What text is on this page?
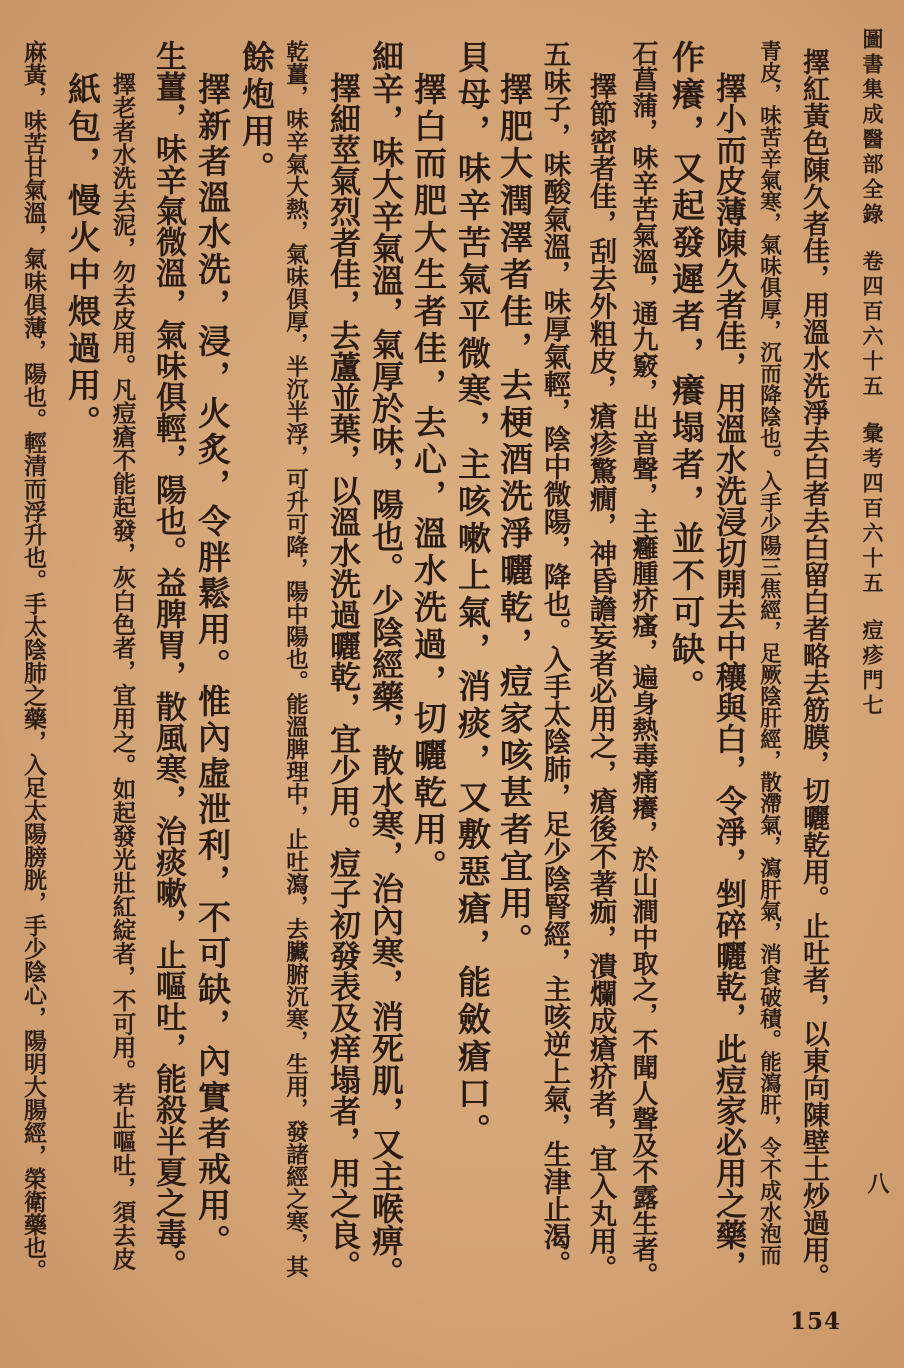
圖書集成醫部全錄卷四百六十五彙考四百六十五痘疹門七
八
擇紅黃色陳久者佳，用溫水洗淨去白者去白留白者略去筋膜，切曬乾用。止吐者，以東向陳壁土炒過用。
青皮，味苦辛氣寒，氣味俱厚，沉而降陰也。入手少陽三焦經，足厥陰肝經，散滯氣，瀉肝氣，消食破積。能瀉肝，令不成水泡而
擇小而皮薄陳久者佳，用溫水洗浸切開去中穰與白，令淨，剉碎曬乾，此痘家必用之藥，
作癢，又起發遲者，癢塌者，並不可缺。
石菖蒲，味辛苦氣溫，通九竅，出音聲，主癰腫疥瘙，遍身熱毒痛癢，於山澗中取之，不聞人聲及不露生者。
擇節密者佳，刮去外粗皮，瘡疹驚癇，神昏譫妄者必用之，瘡後不著痂，潰爛成瘡疥者，宜入丸用。
五味子，味酸氣溫，味厚氣輕，陰中微陽，降也。入手太陰肺，足少陰腎經，主咳逆上氣，生津止渴。
擇肥大潤澤者佳，去梗酒洗淨曬乾，痘家咳甚者宜用。
貝母，味辛苦氣平微寒，主咳嗽上氣，消痰，又敷惡瘡，能斂瘡口。
擇白而肥大生者佳，去心，溫水洗過，切曬乾用。
細辛，味大辛氣溫，氣厚於味，陽也。少陰經藥，散水寒，治內寒，消死肌，又主喉痹。
擇細莖氣烈者佳，去蘆並葉，以溫水洗過曬乾，宜少用。痘子初發表及痒塌者，用之良。
乾薑，味辛氣大熱，氣味俱厚，半沉半浮，可升可降，陽中陽也。能溫脾理中，止吐瀉，去臟腑沉寒，生用，發諸經之寒，其
餘炮用。
擇新者溫水洗，浸，火炙，令胖鬆用。惟內虛泄利，不可缺，內實者戒用。
生薑，味辛氣微溫，氣味俱輕，陽也。益脾胃，散風寒，治痰嗽，止嘔吐，能殺半夏之毒。
擇老者水洗去泥，勿去皮用。凡痘瘡不能起發，灰白色者，宜用之。如起發光壯紅綻者，不可用。若止嘔吐，須去皮
紙包，慢火中煨過用。
麻黃，味苦甘氣溫，氣味俱薄，陽也。輕清而浮升也。手太陰肺之藥，入足太陽膀胱，手少陰心，陽明大腸經，榮衛藥也。
154
